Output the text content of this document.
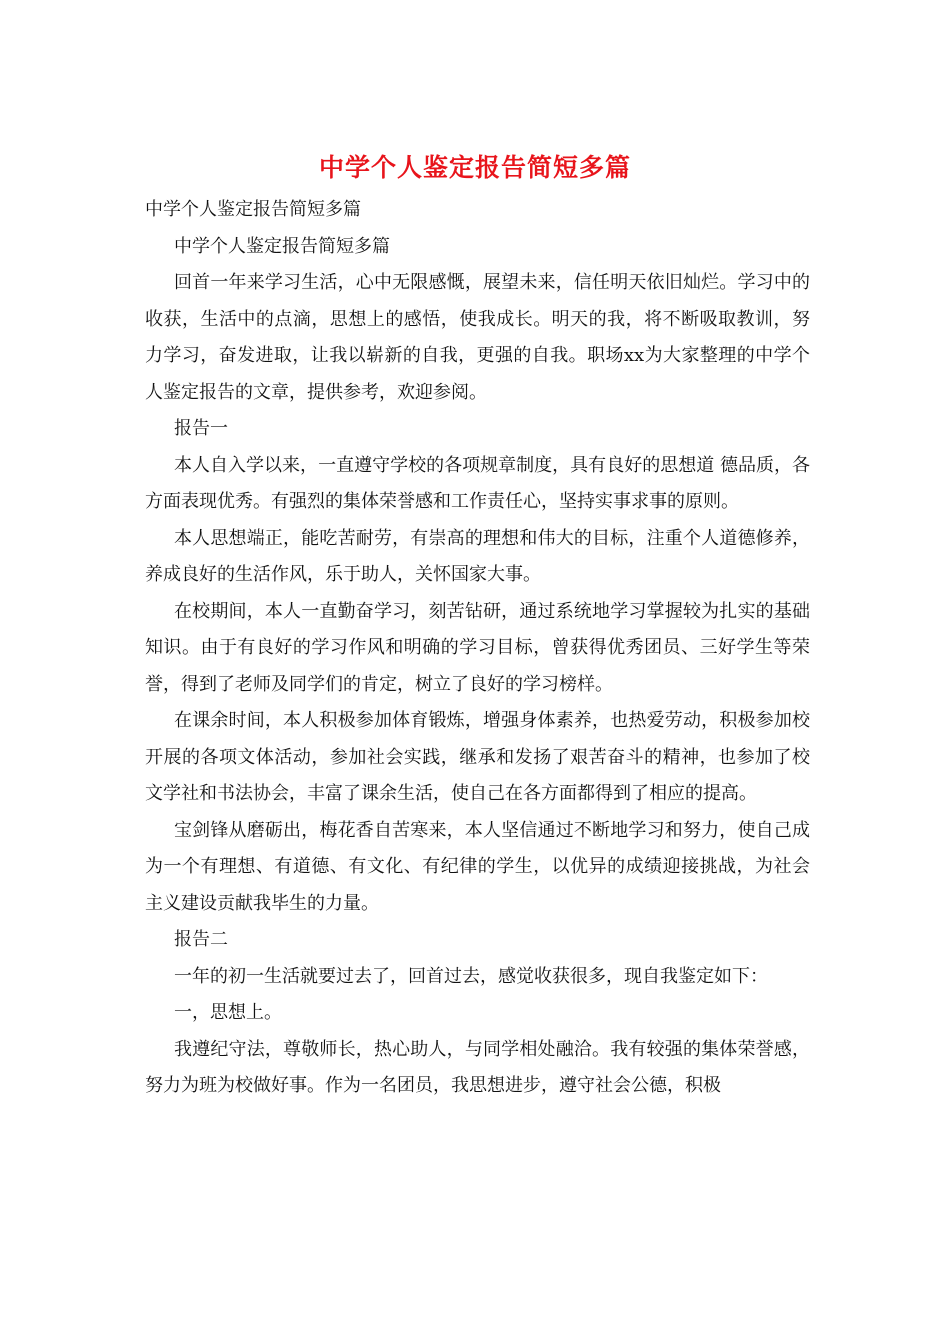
中学个人鉴定报告简短多篇

中学个人鉴定报告简短多篇

中学个人鉴定报告简短多篇

回首一年来学习生活，心中无限感慨，展望未来，信任明天依旧灿烂。学习中的收获，生活中的点滴，思想上的感悟，使我成长。明天的我，将不断吸取教训，努力学习，奋发进取，让我以崭新的自我，更强的自我。职场xx为大家整理的中学个人鉴定报告的文章，提供参考，欢迎参阅。

报告一

本人自入学以来，一直遵守学校的各项规章制度，具有良好的思想道 德品质，各方面表现优秀。有强烈的集体荣誉感和工作责任心，坚持实事求事的原则。

本人思想端正，能吃苦耐劳，有崇高的理想和伟大的目标，注重个人道德修养，养成良好的生活作风，乐于助人，关怀国家大事。

在校期间，本人一直勤奋学习，刻苦钻研，通过系统地学习掌握较为扎实的基础知识。由于有良好的学习作风和明确的学习目标，曾获得优秀团员、三好学生等荣誉，得到了老师及同学们的肯定，树立了良好的学习榜样。

在课余时间，本人积极参加体育锻炼，增强身体素养，也热爱劳动，积极参加校开展的各项文体活动，参加社会实践，继承和发扬了艰苦奋斗的精神，也参加了校文学社和书法协会，丰富了课余生活，使自己在各方面都得到了相应的提高。

宝剑锋从磨砺出，梅花香自苦寒来，本人坚信通过不断地学习和努力，使自己成为一个有理想、有道德、有文化、有纪律的学生，以优异的成绩迎接挑战，为社会主义建设贡献我毕生的力量。

报告二

一年的初一生活就要过去了，回首过去，感觉收获很多，现自我鉴定如下：

一，思想上。

我遵纪守法，尊敬师长，热心助人，与同学相处融洽。我有较强的集体荣誉感，努力为班为校做好事。作为一名团员，我思想进步，遵守社会公德，积极
